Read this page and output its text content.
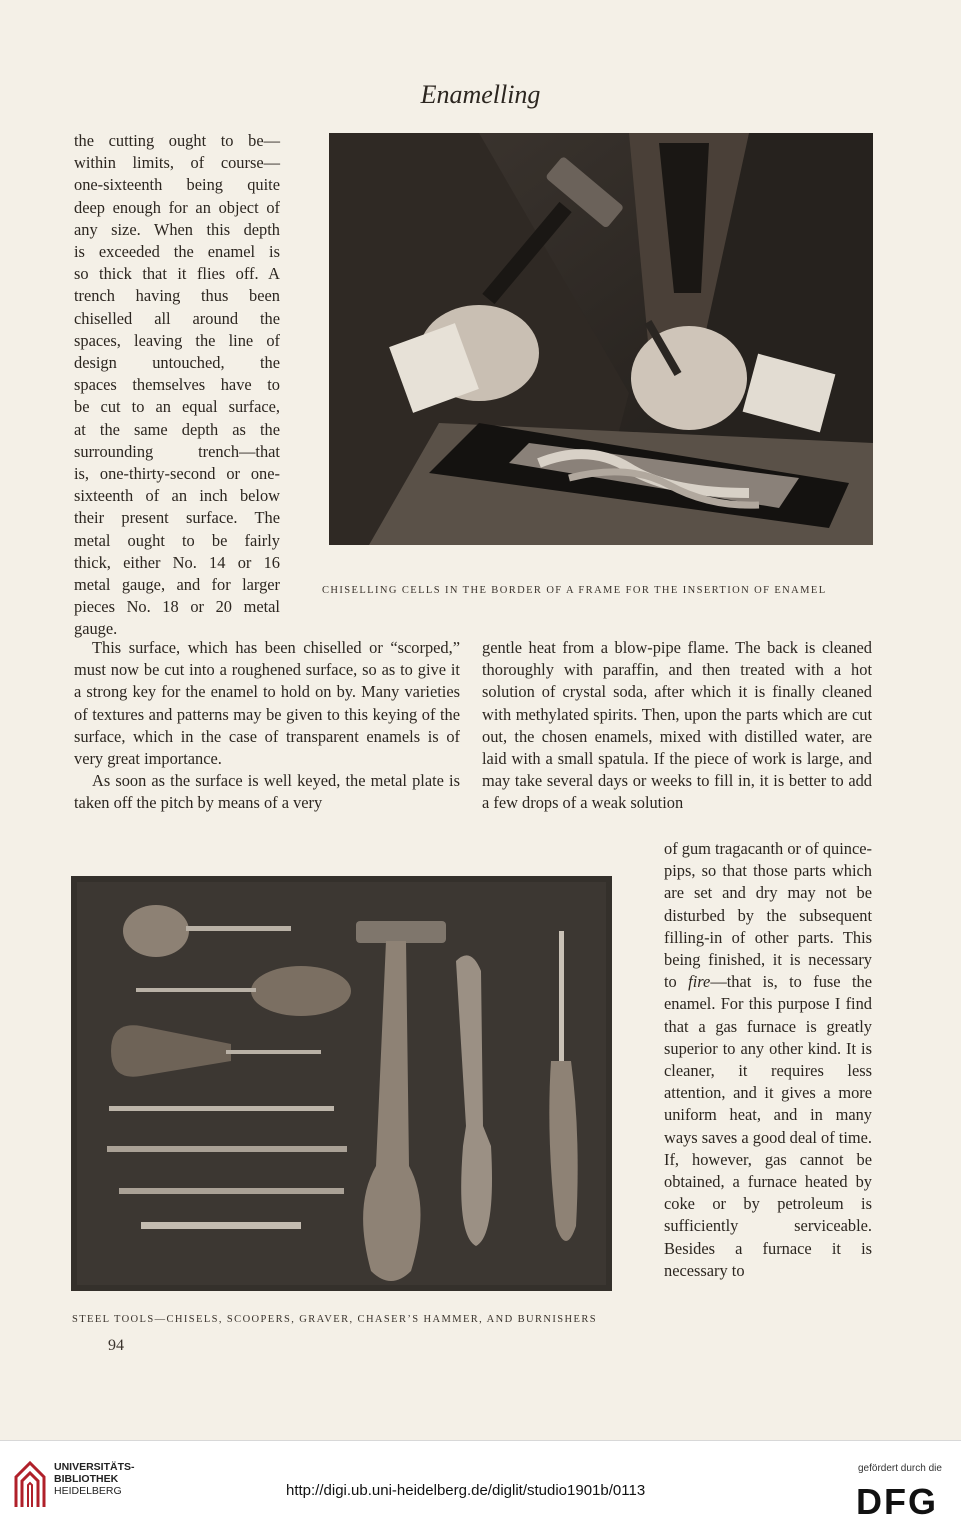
Enamelling
the cutting ought to be—
within limits, of course—
one-sixteenth being quite
deep enough for an object of
any size. When this depth
is exceeded the enamel is
so thick that it flies off. A
trench having thus been
chiselled all around the
spaces, leaving the line of
design untouched, the
spaces themselves have to
be cut to an equal surface,
at the same depth as the
surrounding trench—that
is, one-thirty-second or one-
sixteenth of an inch below
their present surface. The
metal ought to be fairly
thick, either No. 14 or 16
metal gauge, and for larger
pieces No. 18 or 20 metal
gauge.
CHISELLING CELLS IN THE BORDER OF A FRAME FOR THE INSERTION OF ENAMEL

This surface, which has been chiselled or “scorped,” must now be cut into a roughened surface, so as to give it a strong key for the enamel to hold on by. Many varieties of textures and patterns may be given to this keying of the surface, which in the case of transparent enamels is of very great importance.

As soon as the surface is well keyed, the metal plate is taken off the pitch by means of a very

gentle heat from a blow-pipe flame. The back is cleaned thoroughly with paraffin, and then treated with a hot solution of crystal soda, after which it is finally cleaned with methylated spirits. Then, upon the parts which are cut out, the chosen enamels, mixed with distilled water, are laid with a small spatula. If the piece of work is large, and may take several days or weeks to fill in, it is better to add a few drops of a weak solution

STEEL TOOLS—CHISELS, SCOOPERS, GRAVER, CHASER’S HAMMER, AND BURNISHERS

of gum tragacanth or of quince-pips, so that those parts which are set and dry may not be disturbed by the subsequent filling-in of other parts. This being finished, it is necessary to fire—that is, to fuse the enamel. For this purpose I find that a gas furnace is greatly superior to any other kind. It is cleaner, it requires less attention, and it gives a more uniform heat, and in many ways saves a good deal of time. If, however, gas cannot be obtained, a furnace heated by coke or by petroleum is sufficiently serviceable. Besides a furnace it is necessary to

94
UNIVERSITÄTS-
BIBLIOTHEK
HEIDELBERG	http://digi.ub.uni-heidelberg.de/diglit/studio1901b/0113
gefördert durch die
DFG
